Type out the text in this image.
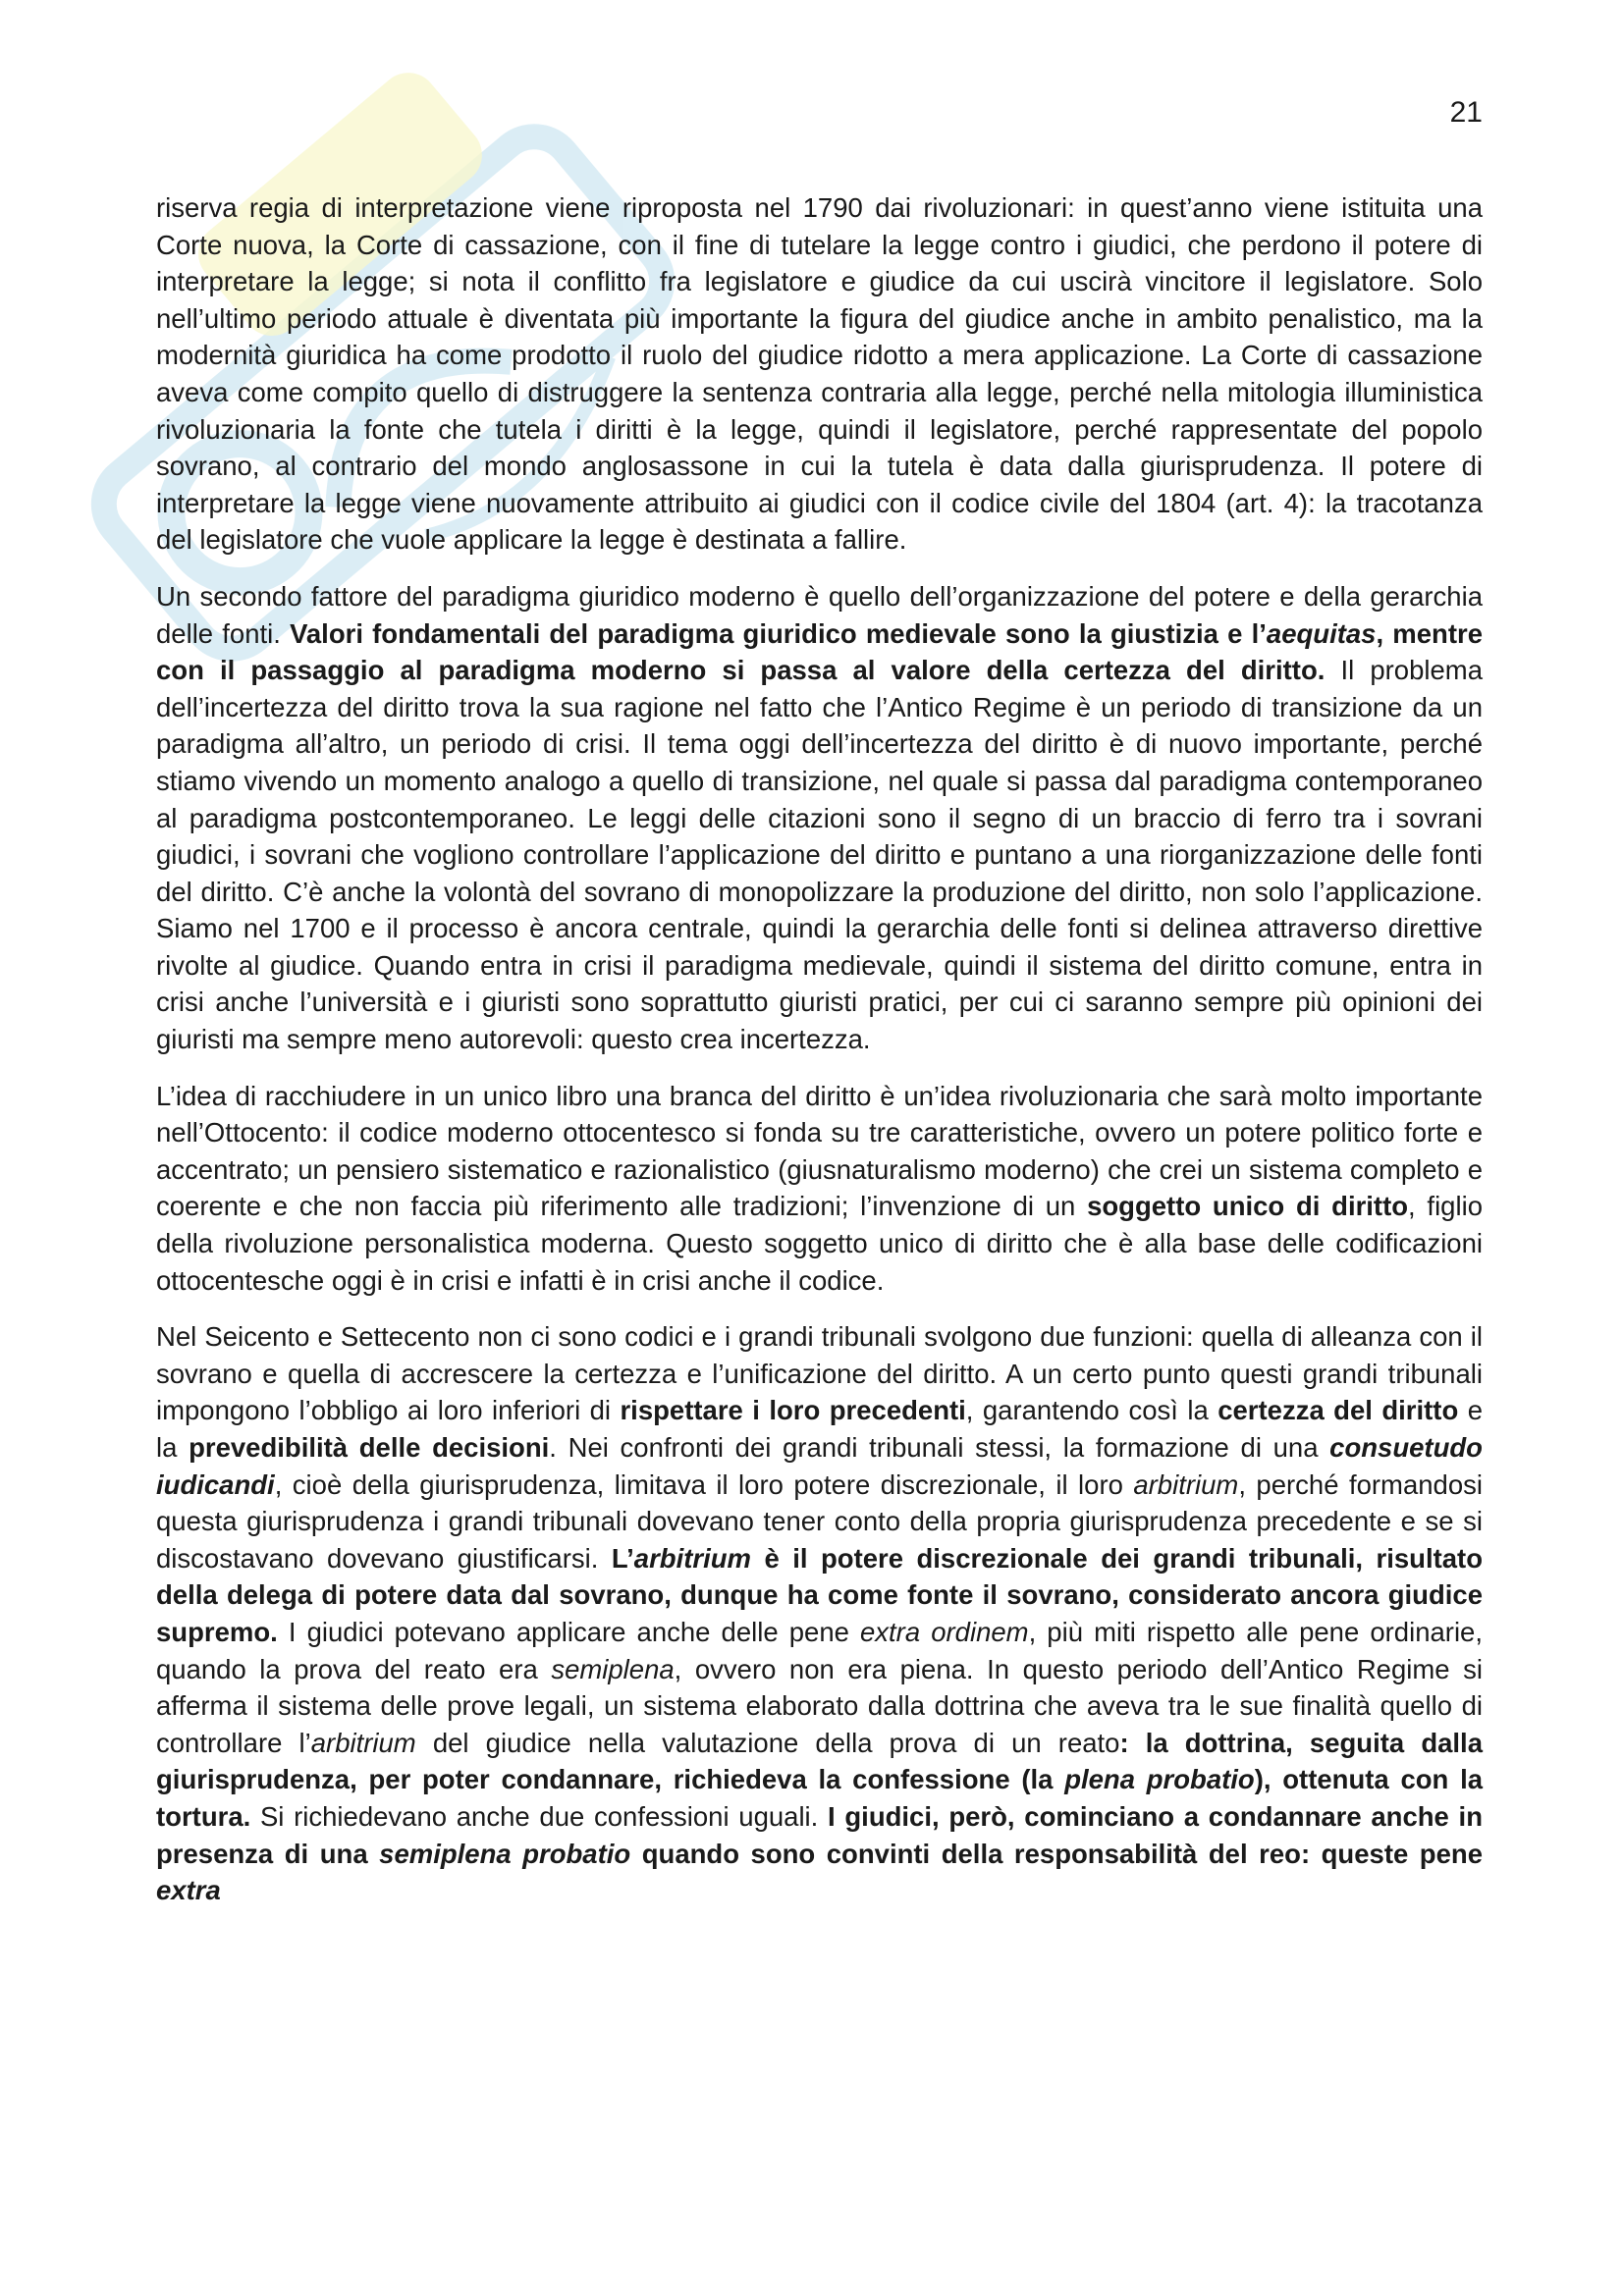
21

riserva regia di interpretazione viene riproposta nel 1790 dai rivoluzionari: in quest’anno viene istituita una Corte nuova, la Corte di cassazione, con il fine di tutelare la legge contro i giudici, che perdono il potere di interpretare la legge; si nota il conflitto fra legislatore e giudice da cui uscirà vincitore il legislatore. Solo nell’ultimo periodo attuale è diventata più importante la figura del giudice anche in ambito penalistico, ma la modernità giuridica ha come prodotto il ruolo del giudice ridotto a mera applicazione. La Corte di cassazione aveva come compito quello di distruggere la sentenza contraria alla legge, perché nella mitologia illuministica rivoluzionaria la fonte che tutela i diritti è la legge, quindi il legislatore, perché rappresentate del popolo sovrano, al contrario del mondo anglosassone in cui la tutela è data dalla giurisprudenza. Il potere di interpretare la legge viene nuovamente attribuito ai giudici con il codice civile del 1804 (art. 4): la tracotanza del legislatore che vuole applicare la legge è destinata a fallire.

Un secondo fattore del paradigma giuridico moderno è quello dell’organizzazione del potere e della gerarchia delle fonti. Valori fondamentali del paradigma giuridico medievale sono la giustizia e l’aequitas, mentre con il passaggio al paradigma moderno si passa al valore della certezza del diritto. Il problema dell’incertezza del diritto trova la sua ragione nel fatto che l’Antico Regime è un periodo di transizione da un paradigma all’altro, un periodo di crisi. Il tema oggi dell’incertezza del diritto è di nuovo importante, perché stiamo vivendo un momento analogo a quello di transizione, nel quale si passa dal paradigma contemporaneo al paradigma postcontemporaneo. Le leggi delle citazioni sono il segno di un braccio di ferro tra i sovrani giudici, i sovrani che vogliono controllare l’applicazione del diritto e puntano a una riorganizzazione delle fonti del diritto. C’è anche la volontà del sovrano di monopolizzare la produzione del diritto, non solo l’applicazione. Siamo nel 1700 e il processo è ancora centrale, quindi la gerarchia delle fonti si delinea attraverso direttive rivolte al giudice. Quando entra in crisi il paradigma medievale, quindi il sistema del diritto comune, entra in crisi anche l’università e i giuristi sono soprattutto giuristi pratici, per cui ci saranno sempre più opinioni dei giuristi ma sempre meno autorevoli: questo crea incertezza.

L’idea di racchiudere in un unico libro una branca del diritto è un’idea rivoluzionaria che sarà molto importante nell’Ottocento: il codice moderno ottocentesco si fonda su tre caratteristiche, ovvero un potere politico forte e accentrato; un pensiero sistematico e razionalistico (giusnaturalismo moderno) che crei un sistema completo e coerente e che non faccia più riferimento alle tradizioni; l’invenzione di un soggetto unico di diritto, figlio della rivoluzione personalistica moderna. Questo soggetto unico di diritto che è alla base delle codificazioni ottocentesche oggi è in crisi e infatti è in crisi anche il codice.

Nel Seicento e Settecento non ci sono codici e i grandi tribunali svolgono due funzioni: quella di alleanza con il sovrano e quella di accrescere la certezza e l’unificazione del diritto. A un certo punto questi grandi tribunali impongono l’obbligo ai loro inferiori di rispettare i loro precedenti, garantendo così la certezza del diritto e la prevedibilità delle decisioni. Nei confronti dei grandi tribunali stessi, la formazione di una consuetudo iudicandi, cioè della giurisprudenza, limitava il loro potere discrezionale, il loro arbitrium, perché formandosi questa giurisprudenza i grandi tribunali dovevano tener conto della propria giurisprudenza precedente e se si discostavano dovevano giustificarsi. L’arbitrium è il potere discrezionale dei grandi tribunali, risultato della delega di potere data dal sovrano, dunque ha come fonte il sovrano, considerato ancora giudice supremo. I giudici potevano applicare anche delle pene extra ordinem, più miti rispetto alle pene ordinarie, quando la prova del reato era semiplena, ovvero non era piena. In questo periodo dell’Antico Regime si afferma il sistema delle prove legali, un sistema elaborato dalla dottrina che aveva tra le sue finalità quello di controllare l’arbitrium del giudice nella valutazione della prova di un reato: la dottrina, seguita dalla giurisprudenza, per poter condannare, richiedeva la confessione (la plena probatio), ottenuta con la tortura. Si richiedevano anche due confessioni uguali. I giudici, però, cominciano a condannare anche in presenza di una semiplena probatio quando sono convinti della responsabilità del reo: queste pene extra
